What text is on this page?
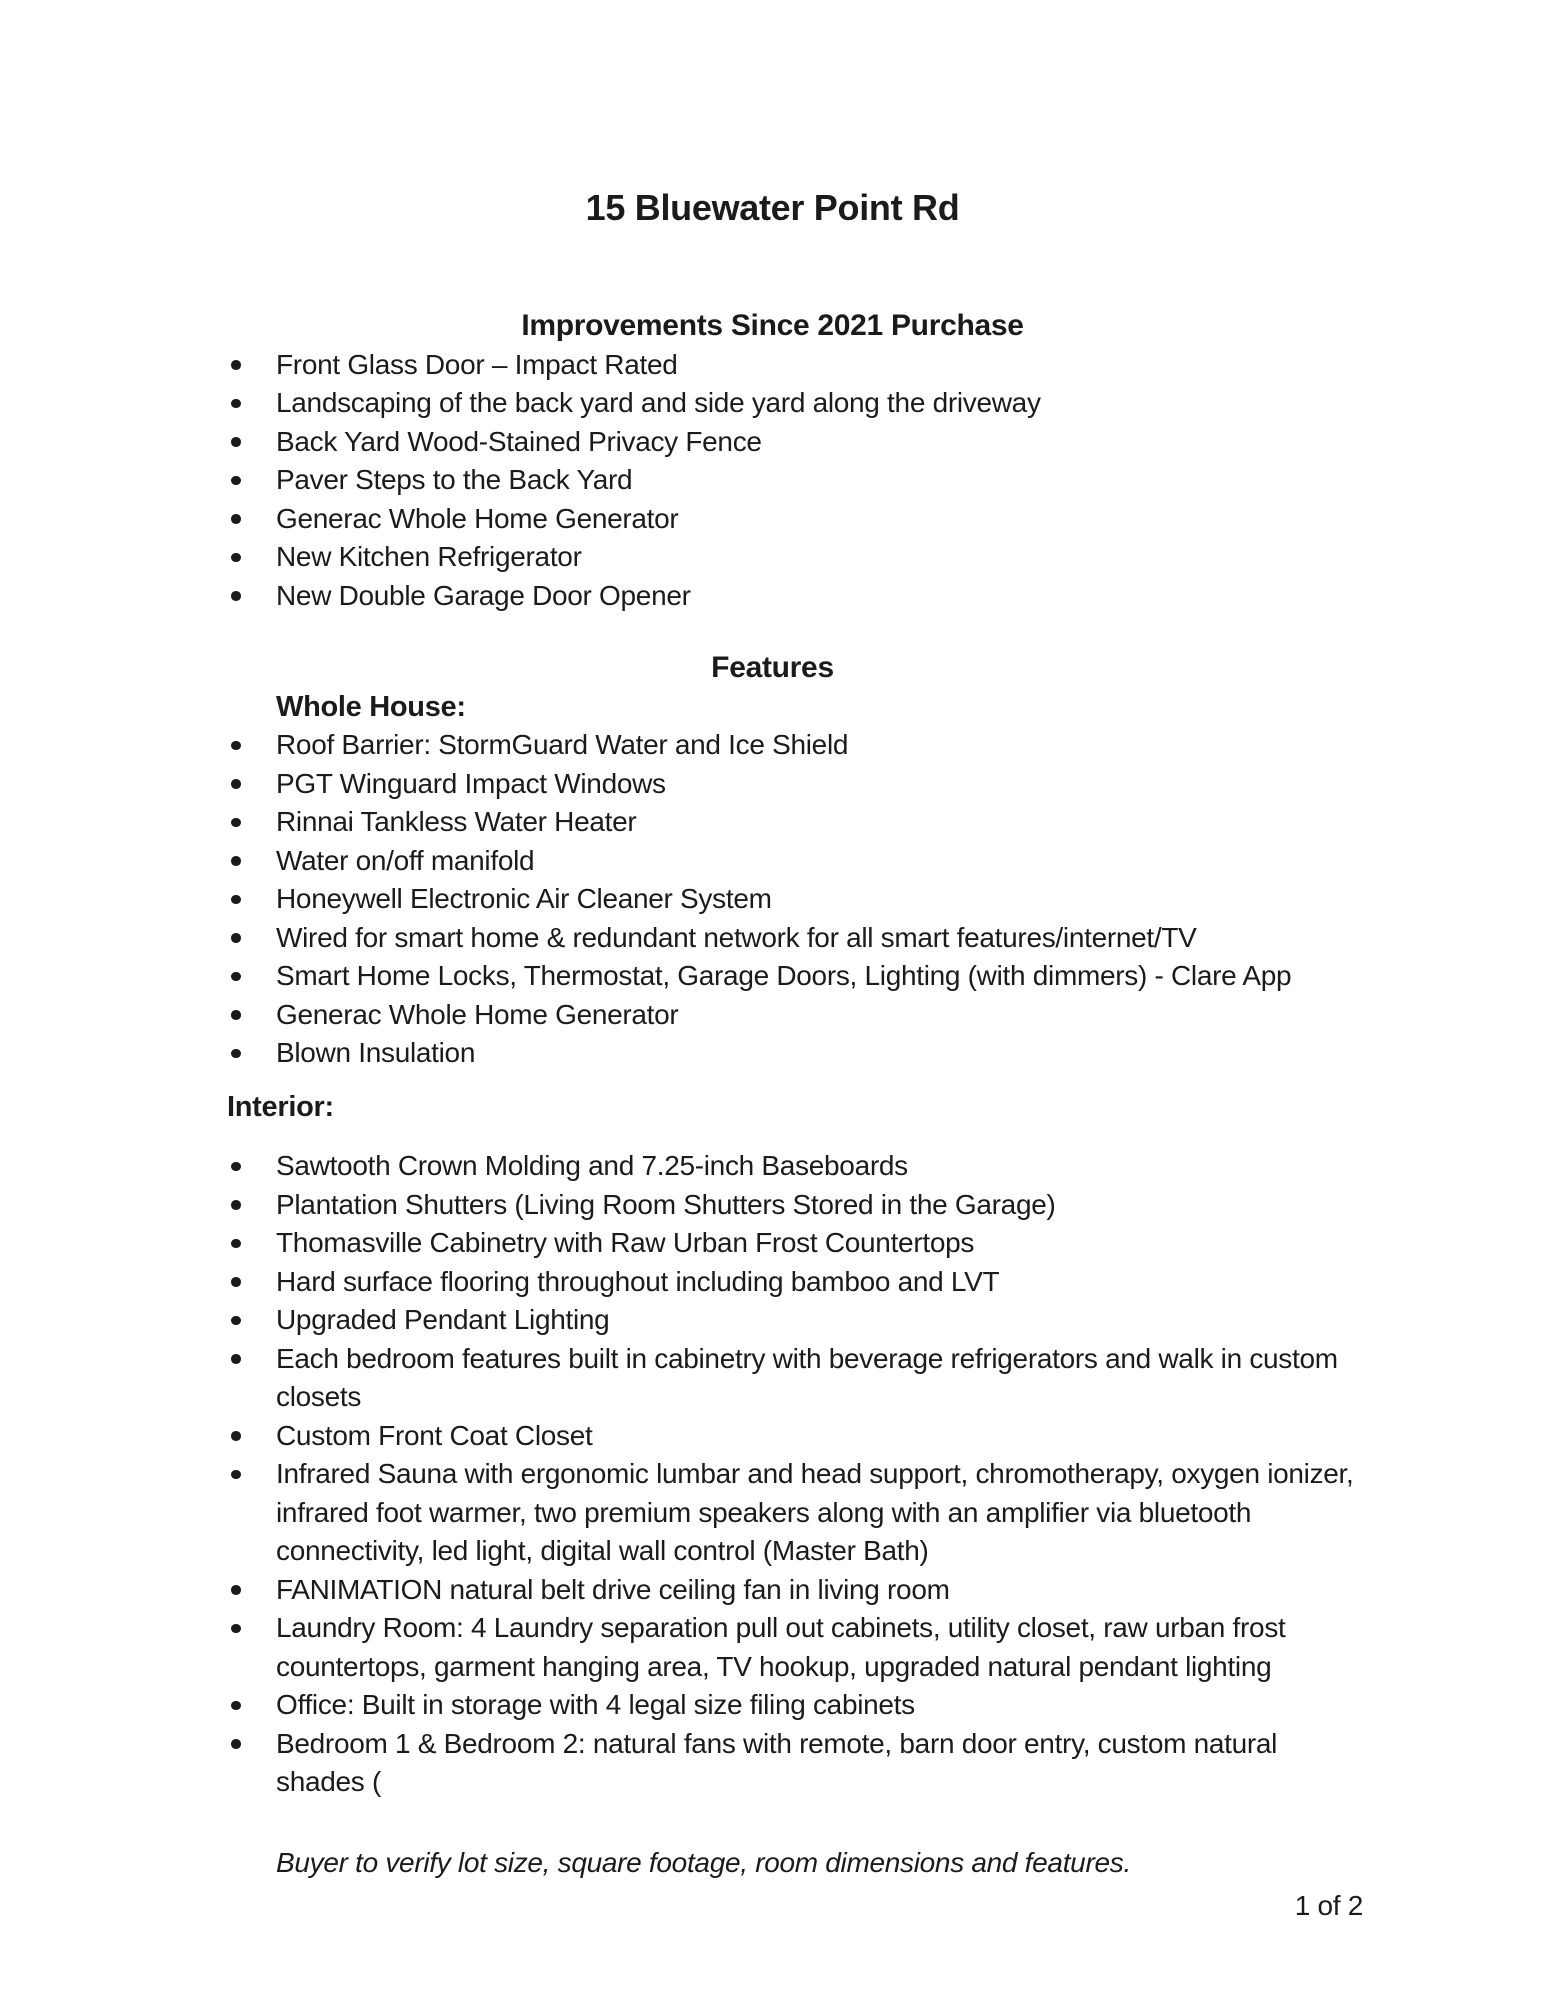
15 Bluewater Point Rd
Improvements Since 2021 Purchase
Front Glass Door – Impact Rated
Landscaping of the back yard and side yard along the driveway
Back Yard Wood-Stained Privacy Fence
Paver Steps to the Back Yard
Generac Whole Home Generator
New Kitchen Refrigerator
New Double Garage Door Opener
Features
Whole House:
Roof Barrier: StormGuard Water and Ice Shield
PGT Winguard Impact Windows
Rinnai Tankless Water Heater
Water on/off manifold
Honeywell Electronic Air Cleaner System
Wired for smart home & redundant network for all smart features/internet/TV
Smart Home Locks, Thermostat, Garage Doors, Lighting (with dimmers) - Clare App
Generac Whole Home Generator
Blown Insulation
Interior:
Sawtooth Crown Molding and 7.25-inch Baseboards
Plantation Shutters (Living Room Shutters Stored in the Garage)
Thomasville Cabinetry with Raw Urban Frost Countertops
Hard surface flooring throughout including bamboo and LVT
Upgraded Pendant Lighting
Each bedroom features built in cabinetry with beverage refrigerators and walk in custom closets
Custom Front Coat Closet
Infrared Sauna with ergonomic lumbar and head support, chromotherapy, oxygen ionizer, infrared foot warmer, two premium speakers along with an amplifier via bluetooth connectivity, led light, digital wall control (Master Bath)
FANIMATION natural belt drive ceiling fan in living room
Laundry Room: 4 Laundry separation pull out cabinets, utility closet, raw urban frost countertops, garment hanging area, TV hookup, upgraded natural pendant lighting
Office: Built in storage with 4 legal size filing cabinets
Bedroom 1 & Bedroom 2: natural fans with remote, barn door entry, custom natural shades (

Buyer to verify lot size, square footage, room dimensions and features.

1 of 2
